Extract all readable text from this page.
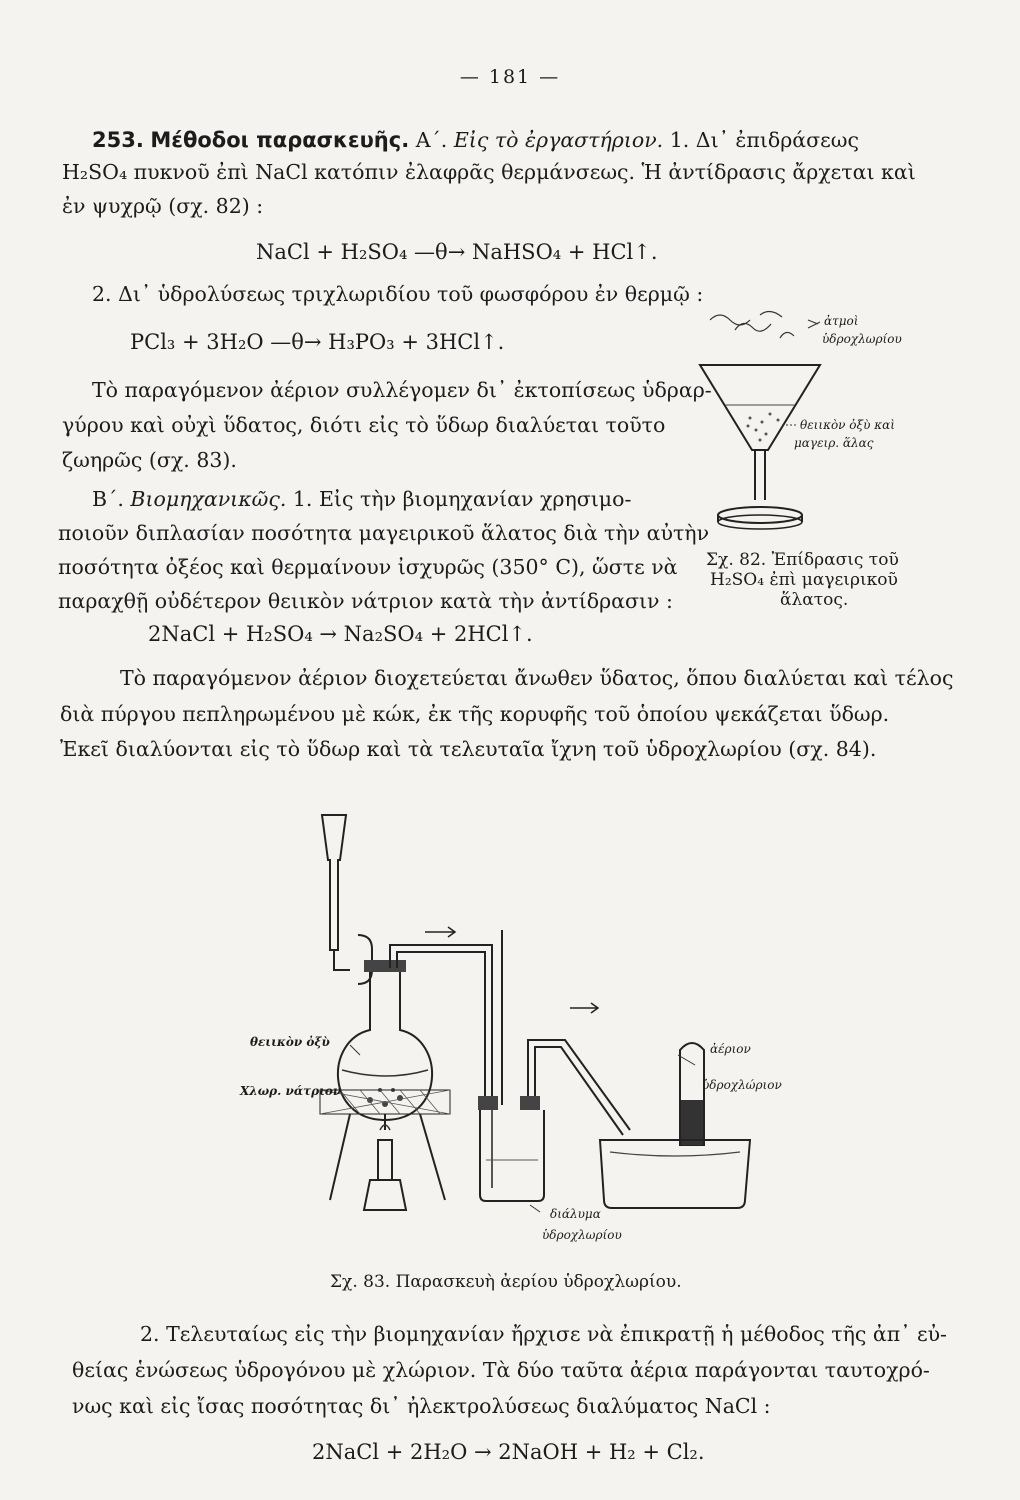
— 181 —
253. Μέθοδοι παρασκευῆς. Α΄. Εἰς τὸ ἐργαστήριον. 1. Δι᾽ ἐπιδράσεως
H₂SO₄ πυκνοῦ ἐπὶ NaCl κατόπιν ἐλαφρᾶς θερμάνσεως. Ἡ ἀντίδρασις ἄρχεται καὶ
ἐν ψυχρῷ (σχ. 82) :
NaCl + H₂SO₄ —θ→ NaHSO₄ + HCl↑.
2. Δι᾽ ὑδρολύσεως τριχλωριδίου τοῦ φωσφόρου ἐν θερμῷ :
PCl₃ + 3H₂O —θ→ H₃PO₃ + 3HCl↑.
Τὸ παραγόμενον ἀέριον συλλέγομεν δι᾽ ἐκτοπίσεως ὑδραρ-
γύρου καὶ οὐχὶ ὕδατος, διότι εἰς τὸ ὕδωρ διαλύεται τοῦτο
ζωηρῶς (σχ. 83).
Β΄. Βιομηχανικῶς. 1. Εἰς τὴν βιομηχανίαν χρησιμο-
ποιοῦν διπλασίαν ποσότητα μαγειρικοῦ ἅλατος διὰ τὴν αὐτὴν
ποσότητα ὀξέος καὶ θερμαίνουν ἰσχυρῶς (350° C), ὥστε νὰ
παραχθῇ οὐδέτερον θειικὸν νάτριον κατὰ τὴν ἀντίδρασιν :
2NaCl + H₂SO₄ → Na₂SO₄ + 2HCl↑.
Τὸ παραγόμενον ἀέριον διοχετεύεται ἄνωθεν ὕδατος, ὅπου διαλύεται καὶ τέλος
διὰ πύργου πεπληρωμένου μὲ κώκ, ἐκ τῆς κορυφῆς τοῦ ὁποίου ψεκάζεται ὕδωρ.
Ἐκεῖ διαλύονται εἰς τὸ ὕδωρ καὶ τὰ τελευταῖα ἴχνη τοῦ ὑδροχλωρίου (σχ. 84).
ἀτμοὶ
ὑδροχλωρίου
θειικὸν ὀξὺ καὶ
μαγειρ. ἅλας
Σχ. 82. Ἐπίδρασις τοῦ
H₂SO₄ ἐπὶ μαγειρικοῦ
ἅλατος.
θειικὸν ὀξὺ
Χλωρ. νάτριον
ἀέριον
ὑδροχλώριον
διάλυμα
ὑδροχλωρίου
Σχ. 83. Παρασκευὴ ἀερίου ὑδροχλωρίου.
2. Τελευταίως εἰς τὴν βιομηχανίαν ἤρχισε νὰ ἐπικρατῇ ἡ μέθοδος τῆς ἀπ᾽ εὐ-
θείας ἑνώσεως ὑδρογόνου μὲ χλώριον. Τὰ δύο ταῦτα ἀέρια παράγονται ταυτοχρό-
νως καὶ εἰς ἴσας ποσότητας δι᾽ ἠλεκτρολύσεως διαλύματος NaCl :
2NaCl + 2H₂O → 2NaOH + H₂ + Cl₂.
